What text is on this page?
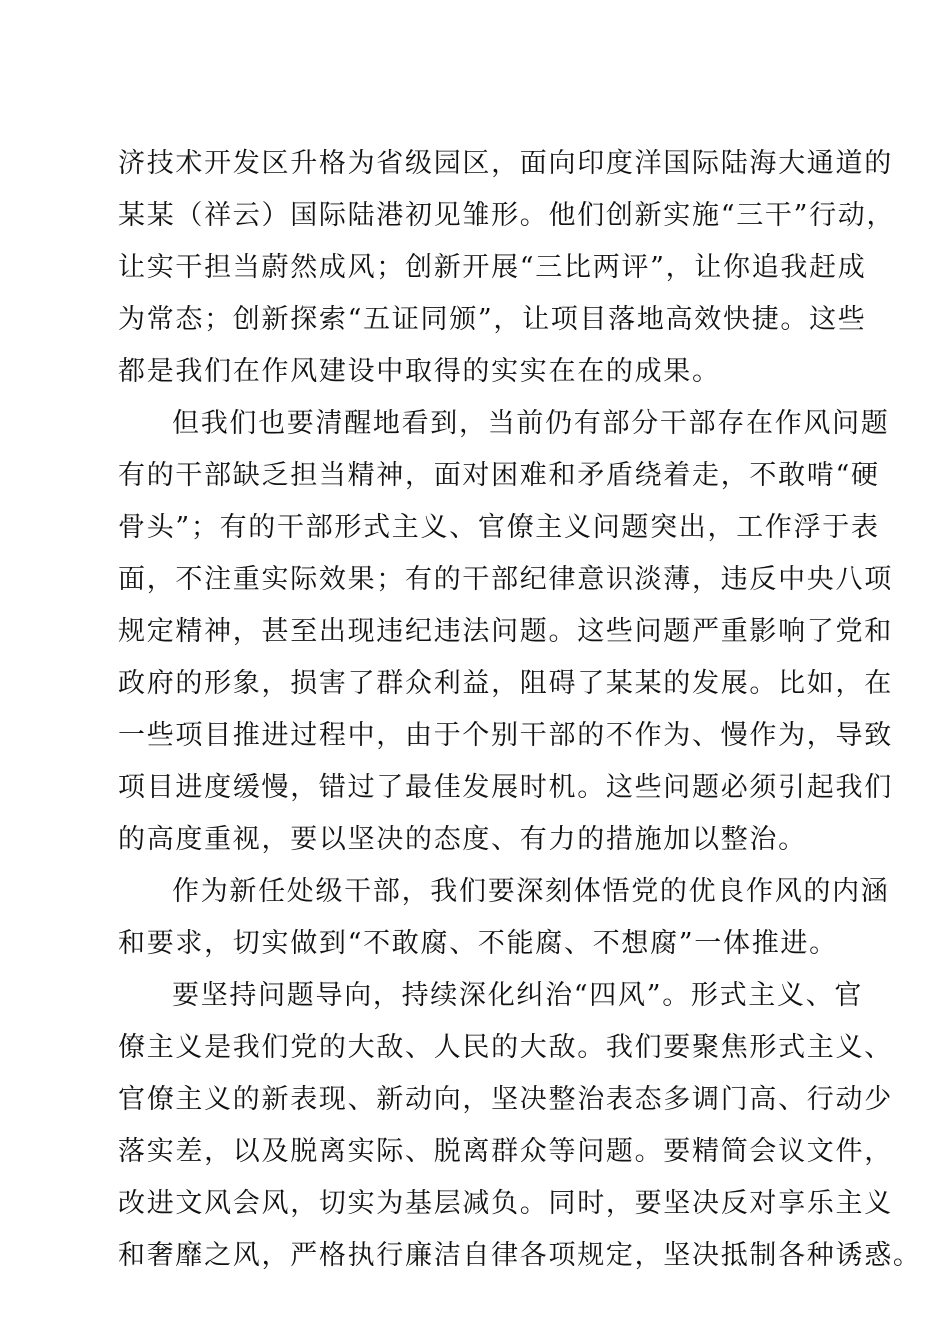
济技术开发区升格为省级园区，面向印度洋国际陆海大通道的
某某（祥云）国际陆港初见雏形。他们创新实施“三干”行动，
让实干担当蔚然成风；创新开展“三比两评”，让你追我赶成
为常态；创新探索“五证同颁”，让项目落地高效快捷。这些
都是我们在作风建设中取得的实实在在的成果。
但我们也要清醒地看到，当前仍有部分干部存在作风问题
有的干部缺乏担当精神，面对困难和矛盾绕着走，不敢啃“硬
骨头”；有的干部形式主义、官僚主义问题突出，工作浮于表
面，不注重实际效果；有的干部纪律意识淡薄，违反中央八项
规定精神，甚至出现违纪违法问题。这些问题严重影响了党和
政府的形象，损害了群众利益，阻碍了某某的发展。比如，在
一些项目推进过程中，由于个别干部的不作为、慢作为，导致
项目进度缓慢，错过了最佳发展时机。这些问题必须引起我们
的高度重视，要以坚决的态度、有力的措施加以整治。
作为新任处级干部，我们要深刻体悟党的优良作风的内涵
和要求，切实做到“不敢腐、不能腐、不想腐”一体推进。
要坚持问题导向，持续深化纠治“四风”。形式主义、官
僚主义是我们党的大敌、人民的大敌。我们要聚焦形式主义、
官僚主义的新表现、新动向，坚决整治表态多调门高、行动少
落实差，以及脱离实际、脱离群众等问题。要精简会议文件，
改进文风会风，切实为基层减负。同时，要坚决反对享乐主义
和奢靡之风，严格执行廉洁自律各项规定，坚决抵制各种诱惑。
